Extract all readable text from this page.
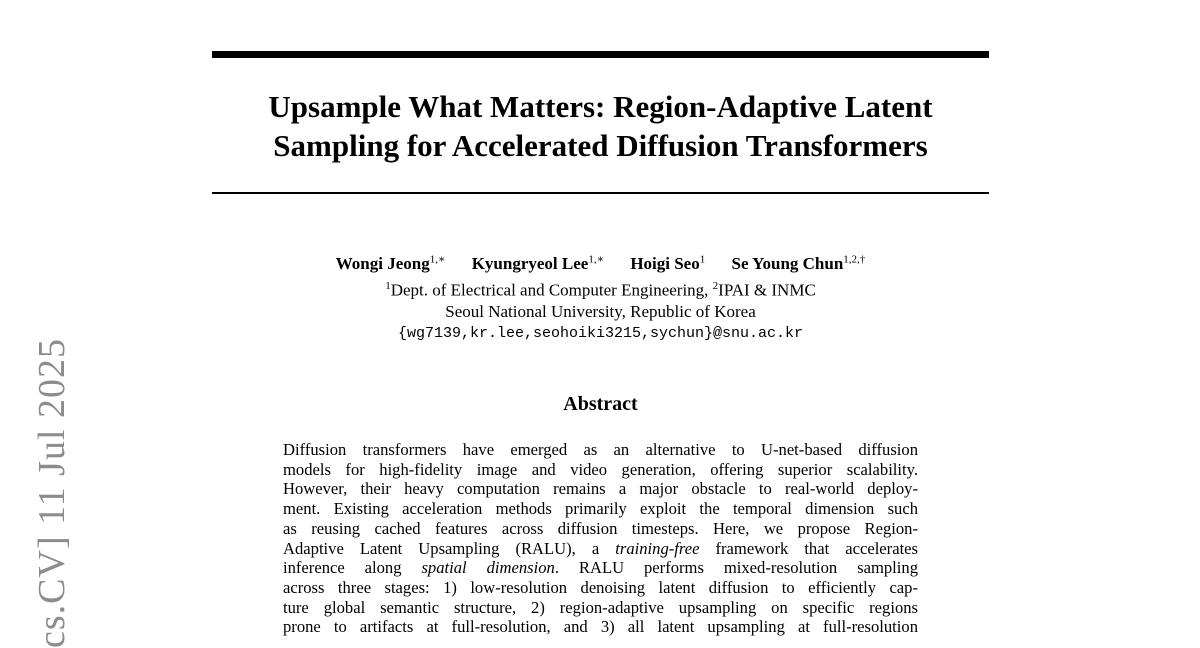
Upsample What Matters: Region-Adaptive Latent
Sampling for Accelerated Diffusion Transformers
Wongi Jeong$^{1,∗}$ Kyungryeol Lee$^{1,∗}$ Hoigi Seo$^1$ Se Young Chun$^{1,2,\dagger}$
$^1$Dept. of Electrical and Computer Engineering, $^2$IPAI & INMC
Seoul National University, Republic of Korea
{wg7139,kr.lee,seohoiki3215,sychun}@snu.ac.kr
Abstract
Diffusion transformers have emerged as an alternative to U-net-based diffusion
models for high-fidelity image and video generation, offering superior scalability.
However, their heavy computation remains a major obstacle to real-world deploy-
ment. Existing acceleration methods primarily exploit the temporal dimension such
as reusing cached features across diffusion timesteps. Here, we propose Region-
Adaptive Latent Upsampling (RALU), a training-free framework that accelerates
inference along spatial dimension. RALU performs mixed-resolution sampling
across three stages: 1) low-resolution denoising latent diffusion to efficiently cap-
ture global semantic structure, 2) region-adaptive upsampling on specific regions
prone to artifacts at full-resolution, and 3) all latent upsampling at full-resolution
cs.CV] 11 Jul 2025
